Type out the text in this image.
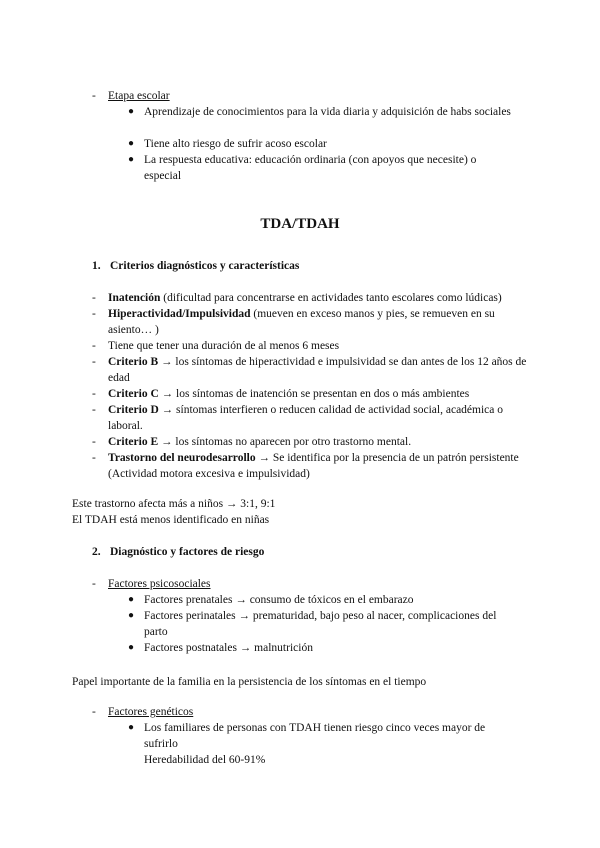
- Etapa escolar
● Aprendizaje de conocimientos para la vida diaria y adquisición de habs sociales
● Tiene alto riesgo de sufrir acoso escolar
● La respuesta educativa: educación ordinaria (con apoyos que necesite) o especial
TDA/TDAH
1. Criterios diagnósticos y características
- Inatención (dificultad para concentrarse en actividades tanto escolares como lúdicas)
- Hiperactividad/Impulsividad (mueven en exceso manos y pies, se remueven en su asiento… )
- Tiene que tener una duración de al menos 6 meses
- Criterio B → los síntomas de hiperactividad e impulsividad se dan antes de los 12 años de edad
- Criterio C → los síntomas de inatención se presentan en dos o más ambientes
- Criterio D → síntomas interfieren o reducen calidad de actividad social, académica o laboral.
- Criterio E → los síntomas no aparecen por otro trastorno mental.
- Trastorno del neurodesarrollo → Se identifica por la presencia de un patrón persistente (Actividad motora excesiva e impulsividad)
Este trastorno afecta más a niños → 3:1, 9:1
El TDAH está menos identificado en niñas
2. Diagnóstico y factores de riesgo
- Factores psicosociales
● Factores prenatales → consumo de tóxicos en el embarazo
● Factores perinatales → prematuridad, bajo peso al nacer, complicaciones del parto
● Factores postnatales → malnutrición
Papel importante de la familia en la persistencia de los síntomas en el tiempo
- Factores genéticos
● Los familiares de personas con TDAH tienen riesgo cinco veces mayor de sufrirlo
Heredabilidad del 60-91%
